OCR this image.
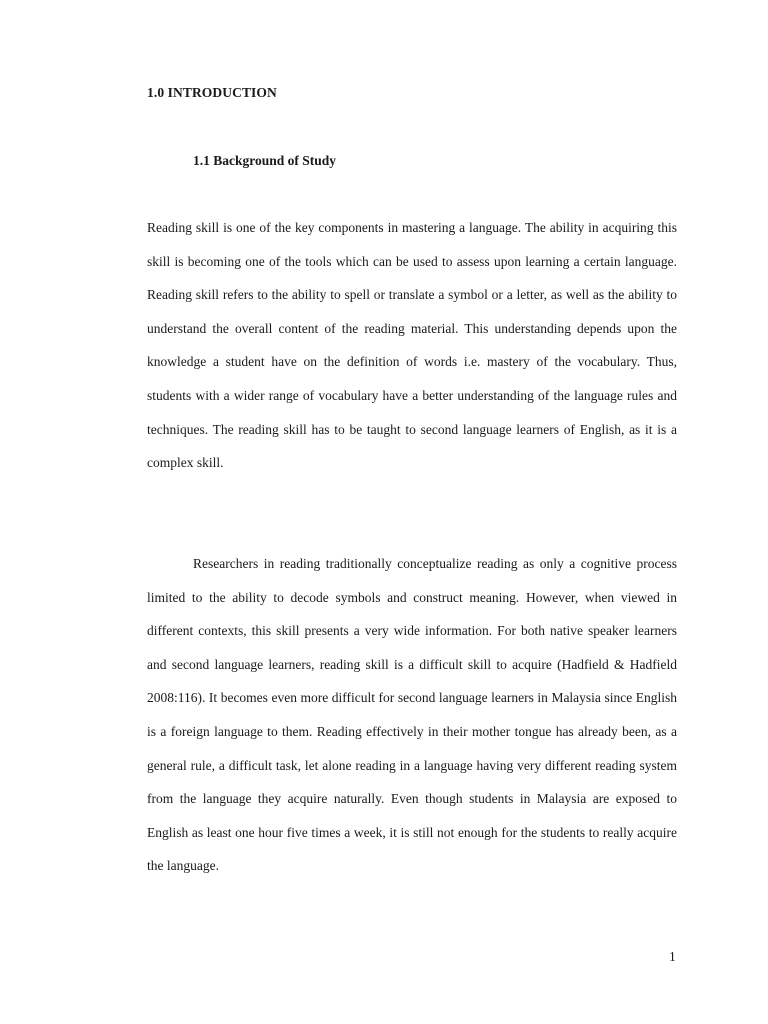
1.0 INTRODUCTION
1.1 Background of Study

Reading skill is one of the key components in mastering a language. The ability in acquiring this skill is becoming one of the tools which can be used to assess upon learning a certain language. Reading skill refers to the ability to spell or translate a symbol or a letter, as well as the ability to understand the overall content of the reading material. This understanding depends upon the knowledge a student have on the definition of words i.e. mastery of the vocabulary. Thus, students with a wider range of vocabulary have a better understanding of the language rules and techniques. The reading skill has to be taught to second language learners of English, as it is a complex skill.

Researchers in reading traditionally conceptualize reading as only a cognitive process limited to the ability to decode symbols and construct meaning. However, when viewed in different contexts, this skill presents a very wide information. For both native speaker learners and second language learners, reading skill is a difficult skill to acquire (Hadfield & Hadfield 2008:116). It becomes even more difficult for second language learners in Malaysia since English is a foreign language to them. Reading effectively in their mother tongue has already been, as a general rule, a difficult task, let alone reading in a language having very different reading system from the language they acquire naturally. Even though students in Malaysia are exposed to English as least one hour five times a week, it is still not enough for the students to really acquire the language.

1
